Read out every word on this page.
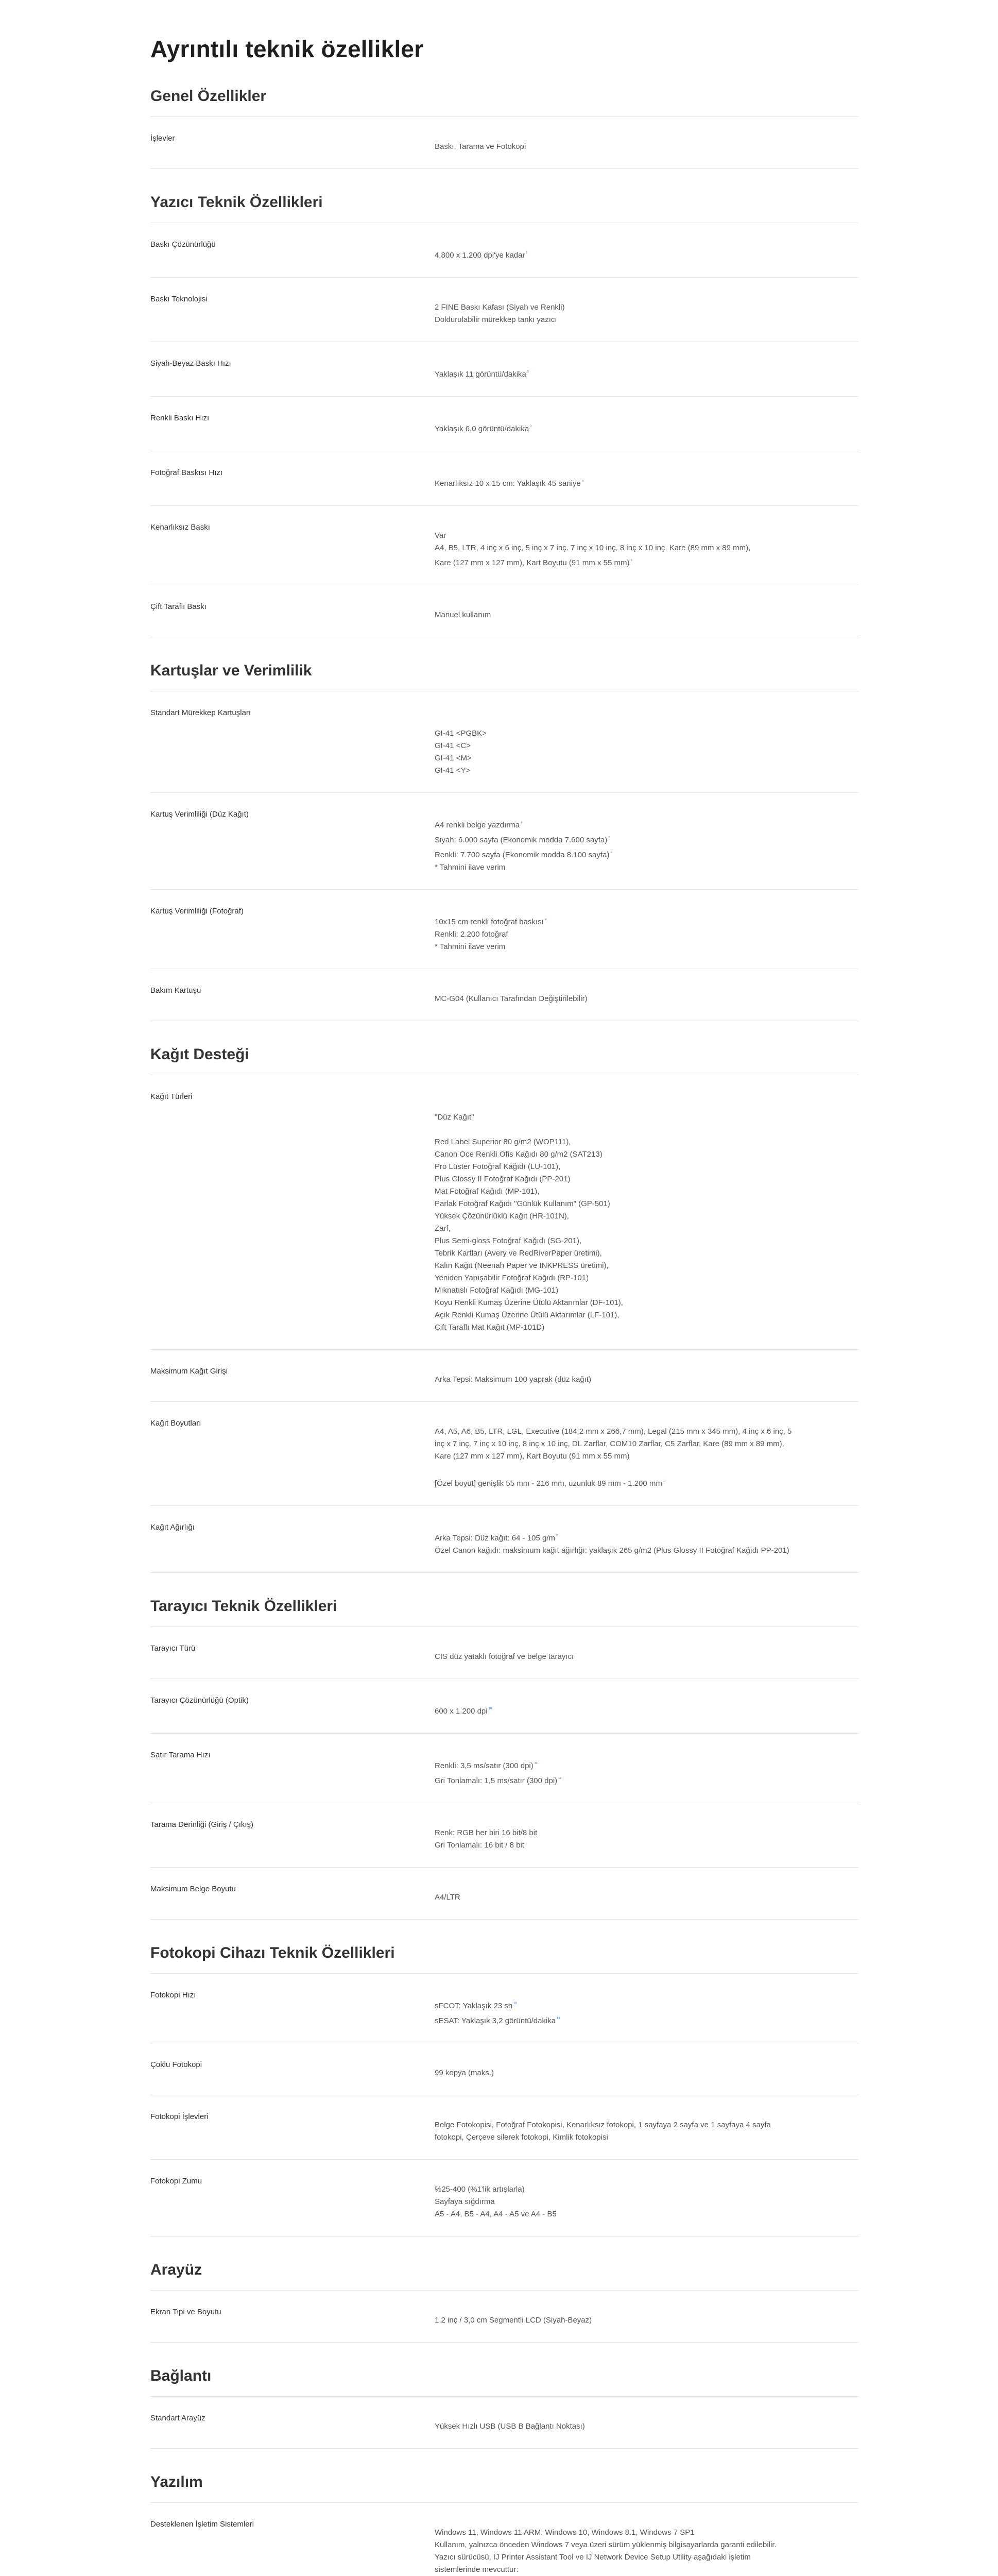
Ayrıntılı teknik özellikler
Genel Özellikler
İşlevler
Baskı, Tarama ve Fotokopi
Yazıcı Teknik Özellikleri
Baskı Çözünürlüğü
4.800 x 1.200 dpi'ye kadar $^{^1}$
Baskı Teknolojisi
2 FINE Baskı Kafası (Siyah ve Renkli)
Doldurulabilir mürekkep tankı yazıcı
Siyah-Beyaz Baskı Hızı
Yaklaşık 11 görüntü/dakika $^{^2}$
Renkli Baskı Hızı
Yaklaşık 6,0 görüntü/dakika $^{^3}$
Fotoğraf Baskısı Hızı
Kenarlıksız 10 x 15 cm: Yaklaşık 45 saniye $^{^4}$
Kenarlıksız Baskı
Var
A4, B5, LTR, 4 inç x 6 inç, 5 inç x 7 inç, 7 inç x 10 inç, 8 inç x 10 inç, Kare (89 mm x 89 mm),
Kare (127 mm x 127 mm), Kart Boyutu (91 mm x 55 mm) $^{^5}$
Çift Taraflı Baskı
Manuel kullanım
Kartuşlar ve Verimlilik
Standart Mürekkep Kartuşları
GI-41 <PGBK>
GI-41 <C>
GI-41 <M>
GI-41 <Y>
Kartuş Verimliliği (Düz Kağıt)
A4 renkli belge yazdırma $^{^6}$
Siyah: 6.000 sayfa (Ekonomik modda 7.600 sayfa) $^{^7}$
Renkli: 7.700 sayfa (Ekonomik modda 8.100 sayfa) $^{^8}$
* Tahmini ilave verim
Kartuş Verimliliği (Fotoğraf)
10x15 cm renkli fotoğraf baskısı $^{^9}$
Renkli: 2.200 fotoğraf
* Tahmini ilave verim
Bakım Kartuşu
MC-G04 (Kullanıcı Tarafından Değiştirilebilir)
Kağıt Desteği
Kağıt Türleri
"Düz Kağıt"
Red Label Superior 80 g/m2 (WOP111),
Canon Oce Renkli Ofis Kağıdı 80 g/m2 (SAT213)
Pro Lüster Fotoğraf Kağıdı (LU-101),
Plus Glossy II Fotoğraf Kağıdı (PP-201)
Mat Fotoğraf Kağıdı (MP-101),
Parlak Fotoğraf Kağıdı "Günlük Kullanım" (GP-501)
Yüksek Çözünürlüklü Kağıt (HR-101N),
Zarf,
Plus Semi-gloss Fotoğraf Kağıdı (SG-201),
Tebrik Kartları (Avery ve RedRiverPaper üretimi),
Kalın Kağıt (Neenah Paper ve INKPRESS üretimi),
Yeniden Yapışabilir Fotoğraf Kağıdı (RP-101)
Mıknatıslı Fotoğraf Kağıdı (MG-101)
Koyu Renkli Kumaş Üzerine Ütülü Aktarımlar (DF-101),
Açık Renkli Kumaş Üzerine Ütülü Aktarımlar (LF-101),
Çift Taraflı Mat Kağıt (MP-101D)
Maksimum Kağıt Girişi
Arka Tepsi: Maksimum 100 yaprak (düz kağıt)
Kağıt Boyutları
A4, A5, A6, B5, LTR, LGL, Executive (184,2 mm x 266,7 mm), Legal (215 mm x 345 mm), 4 inç x 6 inç, 5
inç x 7 inç, 7 inç x 10 inç, 8 inç x 10 inç, DL Zarflar, COM10 Zarflar, C5 Zarflar, Kare (89 mm x 89 mm),
Kare (127 mm x 127 mm), Kart Boyutu (91 mm x 55 mm)
[Özel boyut] genişlik 55 mm - 216 mm, uzunluk 89 mm - 1.200 mm $^{^1}$
Kağıt Ağırlığı
Arka Tepsi: Düz kağıt: 64 - 105 g/m $^{^2}$
Özel Canon kağıdı: maksimum kağıt ağırlığı: yaklaşık 265 g/m2 (Plus Glossy II Fotoğraf Kağıdı PP-201)
Tarayıcı Teknik Özellikleri
Tarayıcı Türü
CIS düz yataklı fotoğraf ve belge tarayıcı
Tarayıcı Çözünürlüğü (Optik)
600 x 1.200 dpi $^{^{10}}$
Satır Tarama Hızı
Renkli: 3,5 ms/satır (300 dpi) $^{^{11}}$
Gri Tonlamalı: 1,5 ms/satır (300 dpi) $^{^{12}}$
Tarama Derinliği (Giriş / Çıkış)
Renk: RGB her biri 16 bit/8 bit
Gri Tonlamalı: 16 bit / 8 bit
Maksimum Belge Boyutu
A4/LTR
Fotokopi Cihazı Teknik Özellikleri
Fotokopi Hızı
sFCOT: Yaklaşık 23 sn $^{^{13}}$
sESAT: Yaklaşık 3,2 görüntü/dakika $^{^{14}}$
Çoklu Fotokopi
99 kopya (maks.)
Fotokopi İşlevleri
Belge Fotokopisi, Fotoğraf Fotokopisi, Kenarlıksız fotokopi, 1 sayfaya 2 sayfa ve 1 sayfaya 4 sayfa
fotokopi, Çerçeve silerek fotokopi, Kimlik fotokopisi
Fotokopi Zumu
%25-400 (%1'lik artışlarla)
Sayfaya sığdırma
A5 - A4, B5 - A4, A4 - A5 ve A4 - B5
Arayüz
Ekran Tipi ve Boyutu
1,2 inç / 3,0 cm Segmentli LCD (Siyah-Beyaz)
Bağlantı
Standart Arayüz
Yüksek Hızlı USB (USB B Bağlantı Noktası)
Yazılım
Desteklenen İşletim Sistemleri
Windows 11, Windows 11 ARM, Windows 10, Windows 8.1, Windows 7 SP1
Kullanım, yalnızca önceden Windows 7 veya üzeri sürüm yüklenmiş bilgisayarlarda garanti edilebilir.
Yazıcı sürücüsü, IJ Printer Assistant Tool ve IJ Network Device Setup Utility aşağıdaki işletim
sistemlerinde mevcuttur:
